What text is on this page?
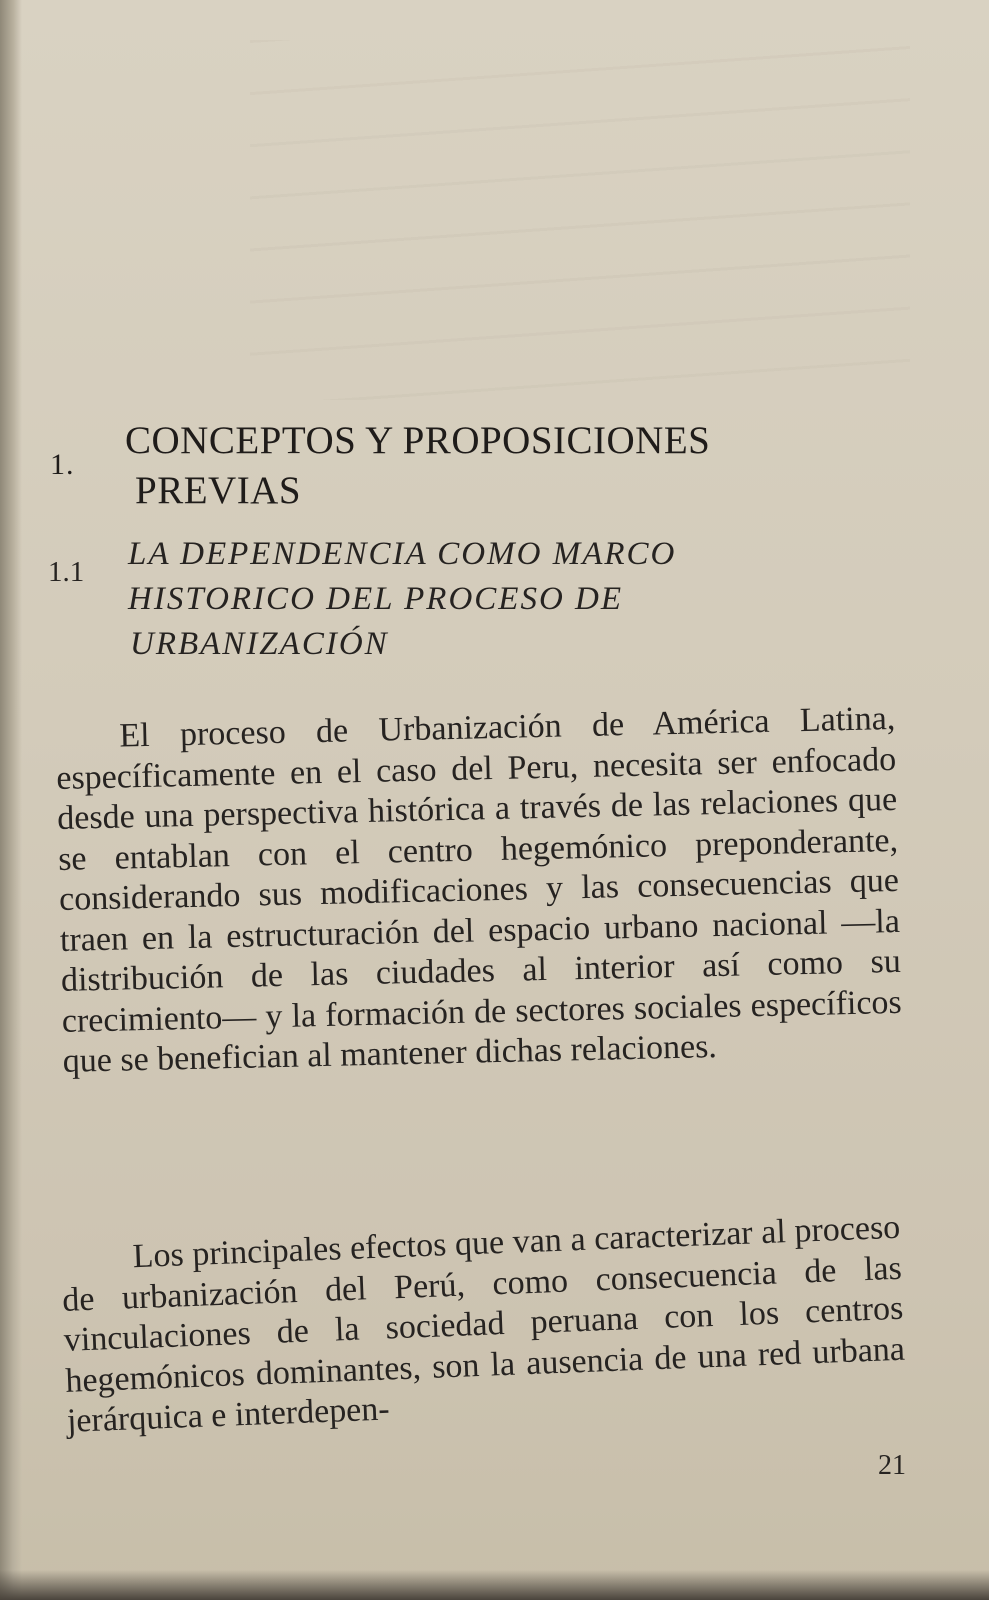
1.
CONCEPTOS Y PROPOSICIONES
PREVIAS
1.1 LA DEPENDENCIA COMO MARCO
HISTORICO DEL PROCESO DE
URBANIZACIÓN

El proceso de Urbanización de América Latina, específicamente en el caso del Peru, necesita ser enfocado desde una perspectiva histórica a través de las relaciones que se entablan con el centro hegemónico preponderante, considerando sus modificaciones y las consecuencias que traen en la estructuración del espacio urbano nacional —la distribución de las ciudades al interior así como su crecimiento— y la formación de sectores sociales específicos que se benefician al mantener dichas relaciones.

Los principales efectos que van a caracterizar al proceso de urbanización del Perú, como consecuencia de las vinculaciones de la sociedad peruana con los centros hegemónicos dominantes, son la ausencia de una red urbana jerárquica e interdepen-

21
